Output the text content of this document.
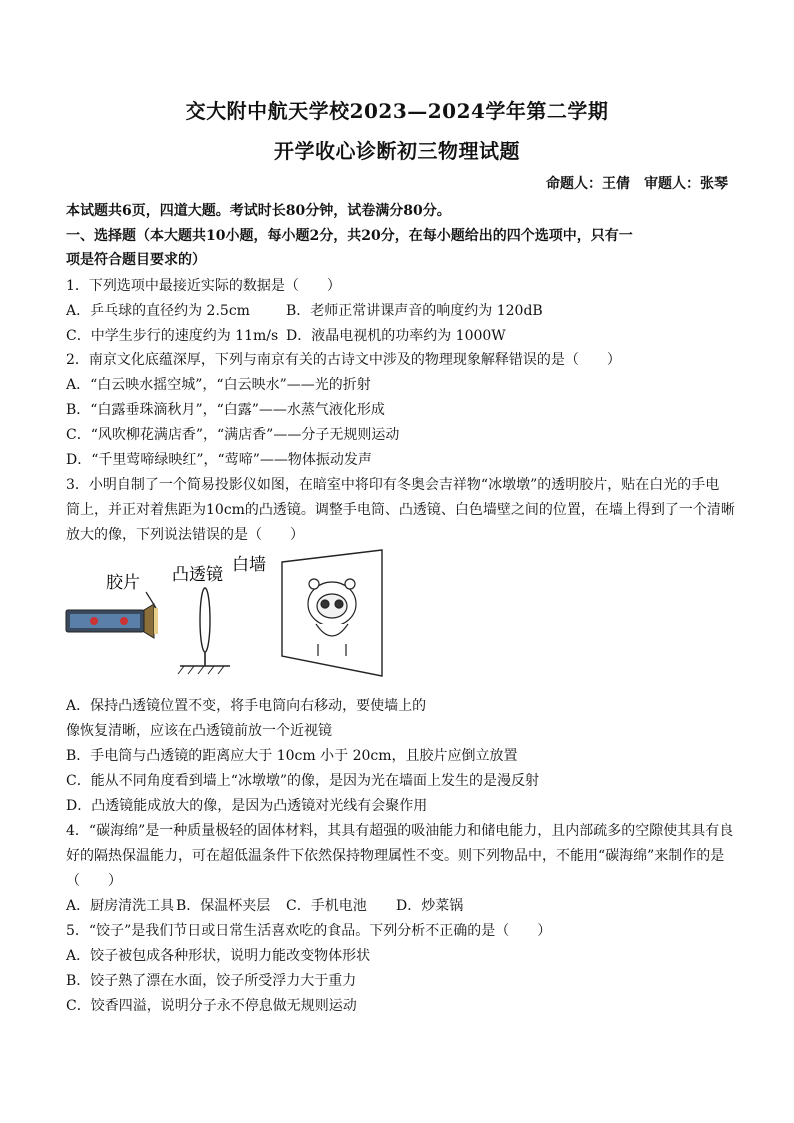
交大附中航天学校2023—2024学年第二学期
开学收心诊断初三物理试题
命题人：王倩 审题人：张琴
本试题共6页，四道大题。考试时长80分钟，试卷满分80分。
一、选择题（本大题共10小题，每小题2分，共20分，在每小题给出的四个选项中，只有一
项是符合题目要求的）
1．下列选项中最接近实际的数据是（　　）
A．乒乓球的直径约为 2.5cm	B．老师正常讲课声音的响度约为 120dB
C．中学生步行的速度约为 11m/s D．液晶电视机的功率约为 1000W
2．南京文化底蕴深厚，下列与南京有关的古诗文中涉及的物理现象解释错误的是（　　）
A．“白云映水摇空城”，“白云映水”——光的折射
B．“白露垂珠滴秋月”，“白露”——水蒸气液化形成
C．“风吹柳花满店香”，“满店香”——分子无规则运动
D．“千里莺啼绿映红”，“莺啼”——物体振动发声
3．小明自制了一个简易投影仪如图，在暗室中将印有冬奥会吉祥物“冰墩墩”的透明胶片，贴在白光的手电
筒上，并正对着焦距为10cm的凸透镜。调整手电筒、凸透镜、白色墙壁之间的位置，在墙上得到了一个清晰
放大的像，下列说法错误的是（　　）
胶片 凸透镜 白墙
A．保持凸透镜位置不变，将手电筒向右移动，要使墙上的
像恢复清晰，应该在凸透镜前放一个近视镜
B．手电筒与凸透镜的距离应大于 10cm 小于 20cm，且胶片应倒立放置
C．能从不同角度看到墙上“冰墩墩”的像，是因为光在墙面上发生的是漫反射
D．凸透镜能成放大的像，是因为凸透镜对光线有会聚作用
4．“碳海绵”是一种质量极轻的固体材料，其具有超强的吸油能力和储电能力，且内部疏多的空隙使其具有良
好的隔热保温能力，可在超低温条件下依然保持物理属性不变。则下列物品中，不能用“碳海绵”来制作的是
（　　）
A．厨房清洗工具 B．保温杯夹层 C．手机电池 D．炒菜锅
5．“饺子”是我们节日或日常生活喜欢吃的食品。下列分析不正确的是（　　）
A．饺子被包成各种形状，说明力能改变物体形状
B．饺子熟了漂在水面，饺子所受浮力大于重力
C．饺香四溢，说明分子永不停息做无规则运动
